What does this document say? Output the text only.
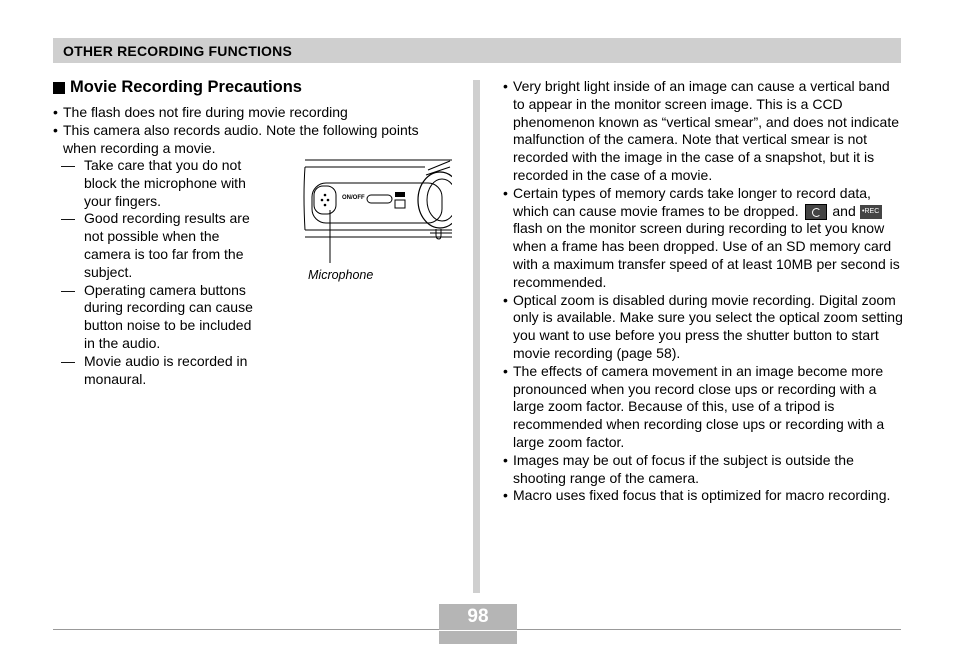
OTHER RECORDING FUNCTIONS
Movie Recording Precautions
• The flash does not fire during movie recording
• This camera also records audio. Note the following points when recording a movie.
— Take care that you do not block the microphone with your fingers.
— Good recording results are not possible when the camera is too far from the subject.
— Operating camera buttons during recording can cause button noise to be included in the audio.
— Movie audio is recorded in monaural.
ON/OFF
Microphone
• Very bright light inside of an image can cause a vertical band to appear in the monitor screen image. This is a CCD phenomenon known as “vertical smear”, and does not indicate malfunction of the camera. Note that vertical smear is not recorded with the image in the case of a snapshot, but it is recorded in the case of a movie.
• Certain types of memory cards take longer to record data, which can cause movie frames to be dropped. and •RECflash on the monitor screen during recording to let you know when a frame has been dropped. Use of an SD memory card with a maximum transfer speed of at least 10MB per second is recommended.
• Optical zoom is disabled during movie recording. Digital zoom only is available. Make sure you select the optical zoom setting you want to use before you press the shutter button to start movie recording (page 58).
• The effects of camera movement in an image become more pronounced when you record close ups or recording with a large zoom factor. Because of this, use of a tripod is recommended when recording close ups or recording with a large zoom factor.
• Images may be out of focus if the subject is outside the shooting range of the camera.
• Macro uses fixed focus that is optimized for macro recording.
98
